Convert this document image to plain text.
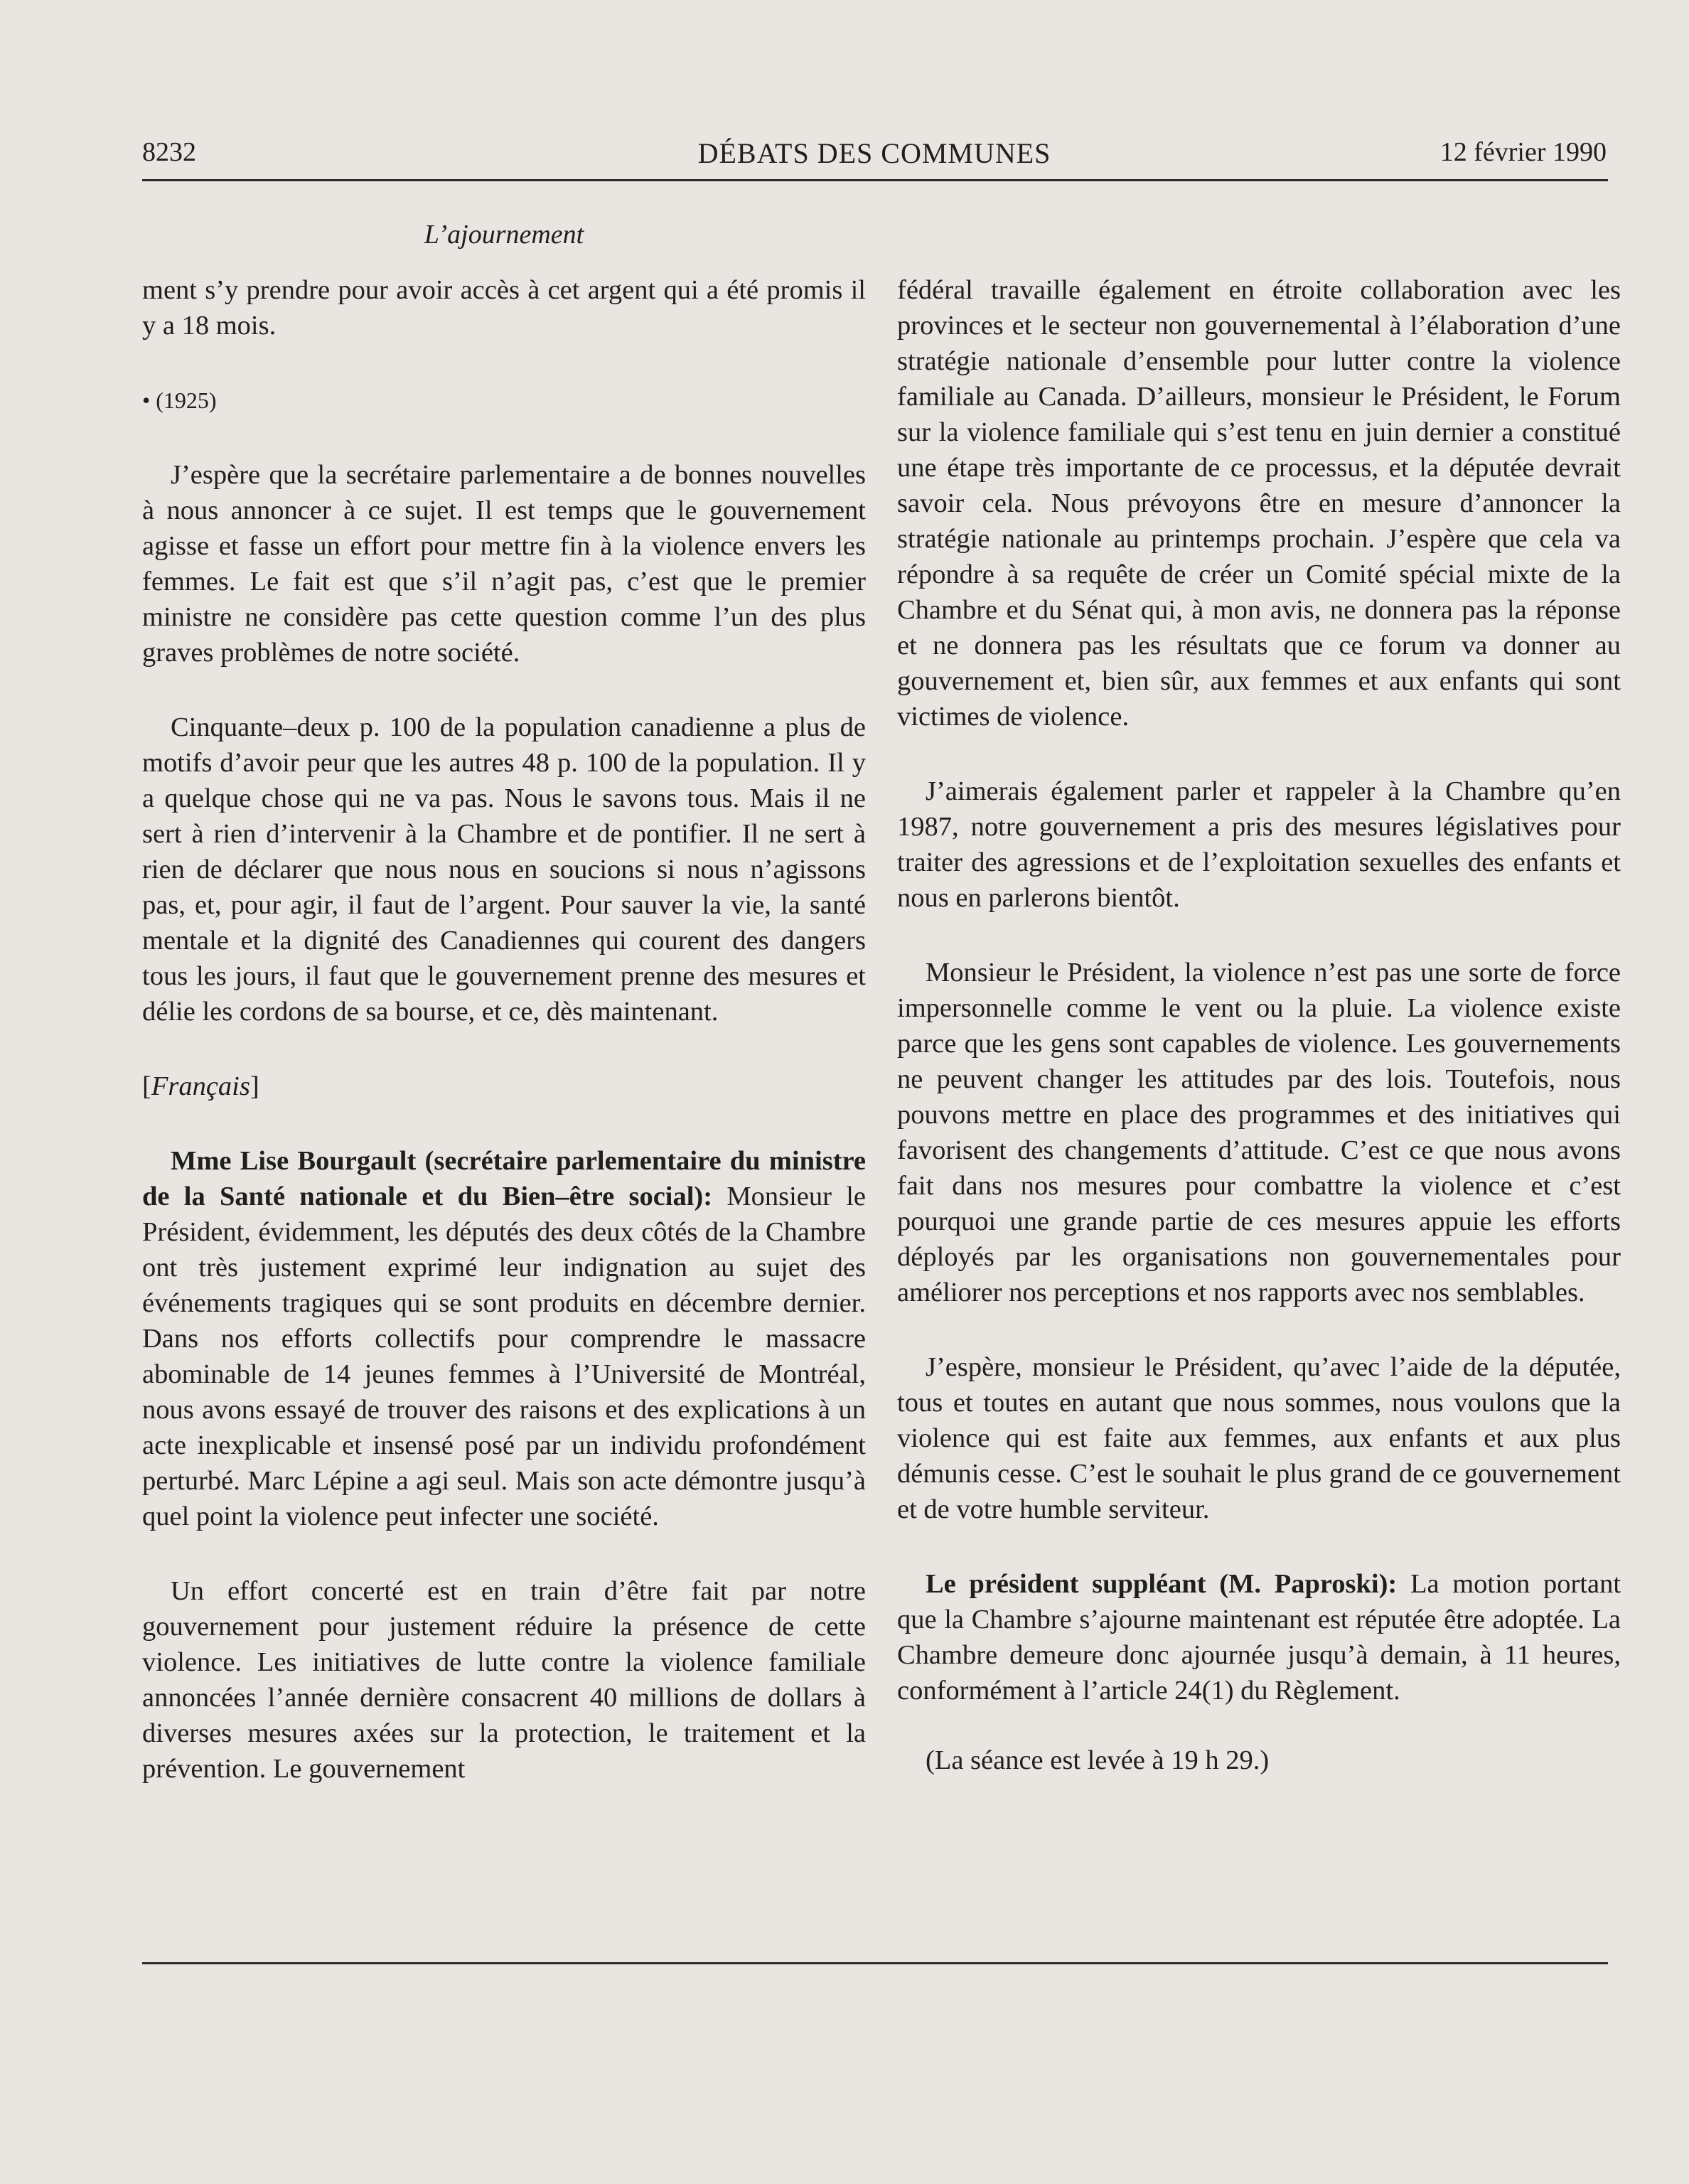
8232	DÉBATS DES COMMUNES	12 février 1990
L’ajournement

ment s’y prendre pour avoir accès à cet argent qui a été promis il y a 18 mois.

• (1925)

J’espère que la secrétaire parlementaire a de bonnes nouvelles à nous annoncer à ce sujet. Il est temps que le gouvernement agisse et fasse un effort pour mettre fin à la violence envers les femmes. Le fait est que s’il n’agit pas, c’est que le premier ministre ne considère pas cette question comme l’un des plus graves problèmes de notre société.

Cinquante–deux p. 100 de la population canadienne a plus de motifs d’avoir peur que les autres 48 p. 100 de la population. Il y a quelque chose qui ne va pas. Nous le savons tous. Mais il ne sert à rien d’intervenir à la Chambre et de pontifier. Il ne sert à rien de déclarer que nous nous en soucions si nous n’agissons pas, et, pour agir, il faut de l’argent. Pour sauver la vie, la santé mentale et la dignité des Canadiennes qui courent des dangers tous les jours, il faut que le gouvernement prenne des mesures et délie les cordons de sa bourse, et ce, dès maintenant.

[Français]

Mme Lise Bourgault (secrétaire parlementaire du ministre de la Santé nationale et du Bien–être social): Monsieur le Président, évidemment, les députés des deux côtés de la Chambre ont très justement exprimé leur indignation au sujet des événements tragiques qui se sont produits en décembre dernier. Dans nos efforts collectifs pour comprendre le massacre abominable de 14 jeunes femmes à l’Université de Montréal, nous avons essayé de trouver des raisons et des explications à un acte inexplicable et insensé posé par un individu profondément perturbé. Marc Lépine a agi seul. Mais son acte démontre jusqu’à quel point la violence peut infecter une société.

Un effort concerté est en train d’être fait par notre gouvernement pour justement réduire la présence de cette violence. Les initiatives de lutte contre la violence familiale annoncées l’année dernière consacrent 40 millions de dollars à diverses mesures axées sur la protection, le traitement et la prévention. Le gouvernement

fédéral travaille également en étroite collaboration avec les provinces et le secteur non gouvernemental à l’élaboration d’une stratégie nationale d’ensemble pour lutter contre la violence familiale au Canada. D’ailleurs, monsieur le Président, le Forum sur la violence familiale qui s’est tenu en juin dernier a constitué une étape très importante de ce processus, et la députée devrait savoir cela. Nous prévoyons être en mesure d’annoncer la stratégie nationale au printemps prochain. J’espère que cela va répondre à sa requête de créer un Comité spécial mixte de la Chambre et du Sénat qui, à mon avis, ne donnera pas la réponse et ne donnera pas les résultats que ce forum va donner au gouvernement et, bien sûr, aux femmes et aux enfants qui sont victimes de violence.

J’aimerais également parler et rappeler à la Chambre qu’en 1987, notre gouvernement a pris des mesures législatives pour traiter des agressions et de l’exploitation sexuelles des enfants et nous en parlerons bientôt.

Monsieur le Président, la violence n’est pas une sorte de force impersonnelle comme le vent ou la pluie. La violence existe parce que les gens sont capables de violence. Les gouvernements ne peuvent changer les attitudes par des lois. Toutefois, nous pouvons mettre en place des programmes et des initiatives qui favorisent des changements d’attitude. C’est ce que nous avons fait dans nos mesures pour combattre la violence et c’est pourquoi une grande partie de ces mesures appuie les efforts déployés par les organisations non gouvernementales pour améliorer nos perceptions et nos rapports avec nos semblables.

J’espère, monsieur le Président, qu’avec l’aide de la députée, tous et toutes en autant que nous sommes, nous voulons que la violence qui est faite aux femmes, aux enfants et aux plus démunis cesse. C’est le souhait le plus grand de ce gouvernement et de votre humble serviteur.

Le président suppléant (M. Paproski): La motion portant que la Chambre s’ajourne maintenant est réputée être adoptée. La Chambre demeure donc ajournée jusqu’à demain, à 11 heures, conformément à l’article 24(1) du Règlement.

(La séance est levée à 19 h 29.)
